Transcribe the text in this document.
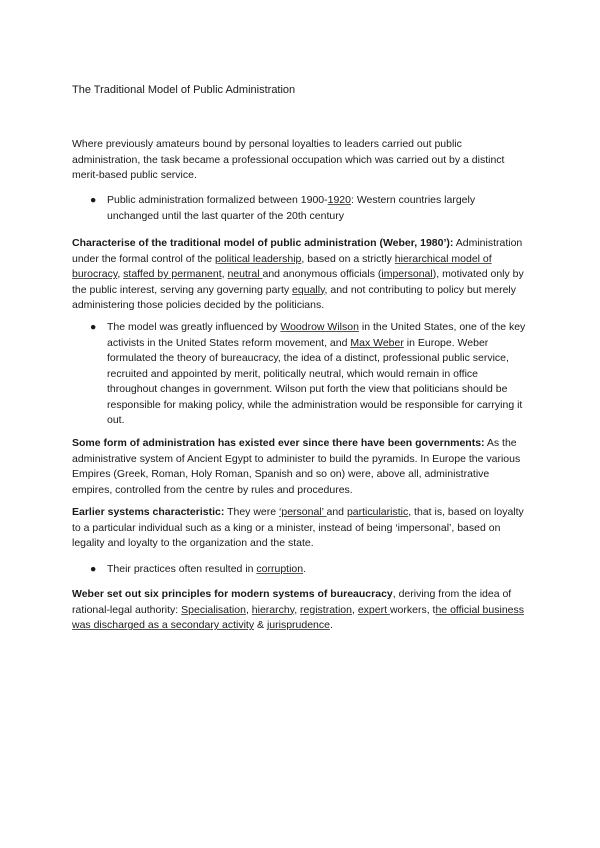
The Traditional Model of Public Administration
Where previously amateurs bound by personal loyalties to leaders carried out public administration, the task became a professional occupation which was carried out by a distinct merit-based public service.
● Public administration formalized between 1900-1920: Western countries largely unchanged until the last quarter of the 20th century
Characterise of the traditional model of public administration (Weber, 1980’): Administration under the formal control of the political leadership, based on a strictly hierarchical model of burocracy, staffed by permanent, neutral and anonymous officials (impersonal), motivated only by the public interest, serving any governing party equally, and not contributing to policy but merely administering those policies decided by the politicians.
● The model was greatly influenced by Woodrow Wilson in the United States, one of the key activists in the United States reform movement, and Max Weber in Europe. Weber formulated the theory of bureaucracy, the idea of a distinct, professional public service, recruited and appointed by merit, politically neutral, which would remain in office throughout changes in government. Wilson put forth the view that politicians should be responsible for making policy, while the administration would be responsible for carrying it out.
Some form of administration has existed ever since there have been governments: As the administrative system of Ancient Egypt to administer to build the pyramids. In Europe the various Empires (Greek, Roman, Holy Roman, Spanish and so on) were, above all, administrative empires, controlled from the centre by rules and procedures.
Earlier systems characteristic: They were ‘personal’ and particularistic, that is, based on loyalty to a particular individual such as a king or a minister, instead of being ‘impersonal’, based on legality and loyalty to the organization and the state.
● Their practices often resulted in corruption.
Weber set out six principles for modern systems of bureaucracy, deriving from the idea of rational-legal authority: Specialisation, hierarchy, registration, expert workers, the official business was discharged as a secondary activity & jurisprudence.
